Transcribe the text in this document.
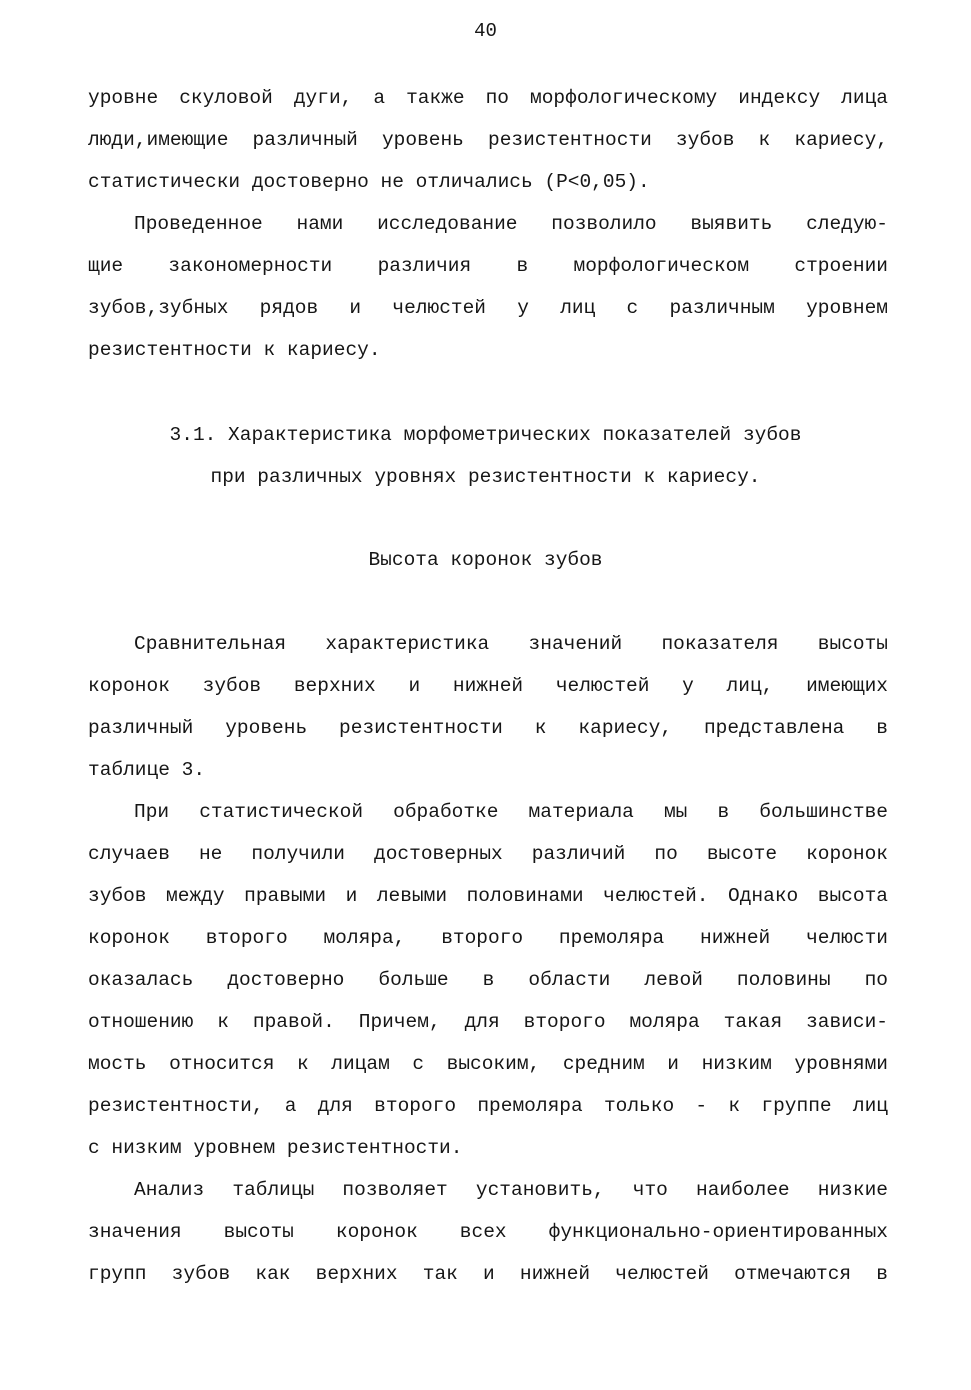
40
уровне скуловой дуги, а также по морфологическому индексу лица
люди,имеющие различный уровень резистентности зубов к кариесу,
статистически достоверно не отличались (P<0,05).
Проведенное нами исследование позволило выявить следую-
щие закономерности различия в морфологическом строении
зубов,зубных рядов и челюстей у лиц с различным уровнем
резистентности к кариесу.
3.1. Характеристика морфометрических показателей зубов
при различных уровнях резистентности к кариесу.
Высота коронок зубов
Сравнительная характеристика значений показателя высоты
коронок зубов верхних и нижней челюстей у лиц, имеющих
различный уровень резистентности к кариесу, представлена в
таблице 3.
При статистической обработке материала мы в большинстве
случаев не получили достоверных различий по высоте коронок
зубов между правыми и левыми половинами челюстей. Однако высота
коронок второго моляра, второго премоляра нижней челюсти
оказалась достоверно больше в области левой половины по
отношению к правой. Причем, для второго моляра такая зависи-
мость относится к лицам с высоким, средним и низким уровнями
резистентности, а для второго премоляра только - к группе лиц
с низким уровнем резистентности.
Анализ таблицы позволяет установить, что наиболее низкие
значения высоты коронок всех функционально-ориентированных
групп зубов как верхних так и нижней челюстей отмечаются в
